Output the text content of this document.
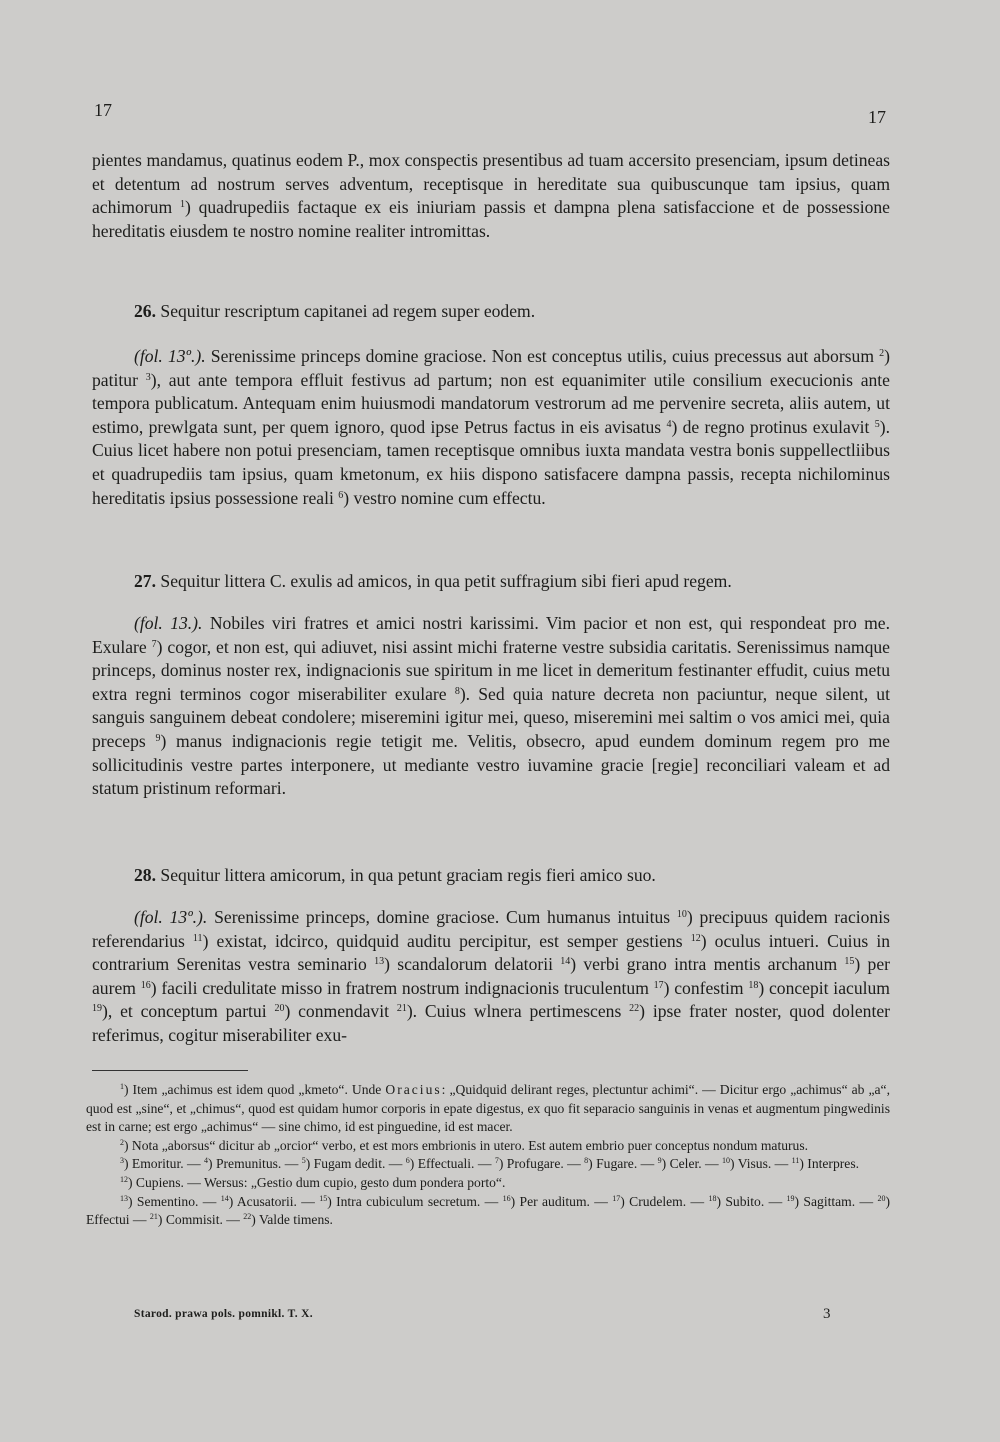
17	17

pientes mandamus, quatinus eodem P., mox conspectis presentibus ad tuam accersito presenciam, ipsum detineas et detentum ad nostrum serves adventum, receptisque in hereditate sua quibuscunque tam ipsius, quam achimorum $^1$) quadrupediis factaque ex eis iniuriam passis et dampna plena satisfaccione et de possessione hereditatis eiusdem te nostro nomine realiter intromittas.

26. Sequitur rescriptum capitanei ad regem super eodem.

(fol. 13º.). Serenissime princeps domine graciose. Non est conceptus utilis, cuius precessus aut aborsum $^2$) patitur $^3$), aut ante tempora effluit festivus ad partum; non est equanimiter utile consilium execucionis ante tempora publicatum. Antequam enim huiusmodi mandatorum vestrorum ad me pervenire secreta, aliis autem, ut estimo, prewlgata sunt, per quem ignoro, quod ipse Petrus factus in eis avisatus $^4$) de regno protinus exulavit $^5$). Cuius licet habere non potui presenciam, tamen receptisque omnibus iuxta mandata vestra bonis suppellectliibus et quadrupediis tam ipsius, quam kmetonum, ex hiis dispono satisfacere dampna passis, recepta nichilominus hereditatis ipsius possessione reali $^6$) vestro nomine cum effectu.

27. Sequitur littera C. exulis ad amicos, in qua petit suffragium sibi fieri apud regem.

(fol. 13.). Nobiles viri fratres et amici nostri karissimi. Vim pacior et non est, qui respondeat pro me. Exulare $^7$) cogor, et non est, qui adiuvet, nisi assint michi fraterne vestre subsidia caritatis. Serenissimus namque princeps, dominus noster rex, indignacionis sue spiritum in me licet in demeritum festinanter effudit, cuius metu extra regni terminos cogor miserabiliter exulare $^8$). Sed quia nature decreta non paciuntur, neque silent, ut sanguis sanguinem debeat condolere; miseremini igitur mei, queso, miseremini mei saltim o vos amici mei, quia preceps $^9$) manus indignacionis regie tetigit me. Velitis, obsecro, apud eundem dominum regem pro me sollicitudinis vestre partes interponere, ut mediante vestro iuvamine gracie [regie] reconciliari valeam et ad statum pristinum reformari.

28. Sequitur littera amicorum, in qua petunt graciam regis fieri amico suo.

(fol. 13º.). Serenissime princeps, domine graciose. Cum humanus intuitus $^{10}$) precipuus quidem racionis referendarius $^{11}$) existat, idcirco, quidquid auditu percipitur, est semper gestiens $^{12}$) oculus intueri. Cuius in contrarium Serenitas vestra seminario $^{13}$) scandalorum delatorii $^{14}$) verbi grano intra mentis archanum $^{15}$) per aurem $^{16}$) facili credulitate misso in fratrem nostrum indignacionis truculentum $^{17}$) confestim $^{18}$) concepit iaculum $^{19}$), et conceptum partui $^{20}$) conmendavit $^{21}$). Cuius wlnera pertimescens $^{22}$) ipse frater noster, quod dolenter referimus, cogitur miserabiliter exu-

$^1$) Item „achimus est idem quod „kmeto“. Unde Oracius: „Quidquid delirant reges, plectuntur achimi“. — Dicitur ergo „achimus“ ab „a“, quod est „sine“, et „chimus“, quod est quidam humor corporis in epate digestus, ex quo fit separacio sanguinis in venas et augmentum pingwedinis est in carne; est ergo „achimus“ — sine chimo, id est pinguedine, id est macer.
$^2$) Nota „aborsus“ dicitur ab „orcior“ verbo, et est mors embrionis in utero. Est autem embrio puer conceptus nondum maturus.
$^3$) Emoritur. — $^4$) Premunitus. — $^5$) Fugam dedit. — $^6$) Effectuali. — $^7$) Profugare. — $^8$) Fugare. — $^9$) Celer. — $^{10}$) Visus. — $^{11}$) Interpres.
$^{12}$) Cupiens. — Wersus: „Gestio dum cupio, gesto dum pondera porto“.
$^{13}$) Sementino. — $^{14}$) Acusatorii. — $^{15}$) Intra cubiculum secretum. — $^{16}$) Per auditum. — $^{17}$) Crudelem. — $^{18}$) Subito. — $^{19}$) Sagittam. — $^{20}$) Effectui — $^{21}$) Commisit. — $^{22}$) Valde timens.
Starod. prawa pols. pomnikl. T. X.	3
